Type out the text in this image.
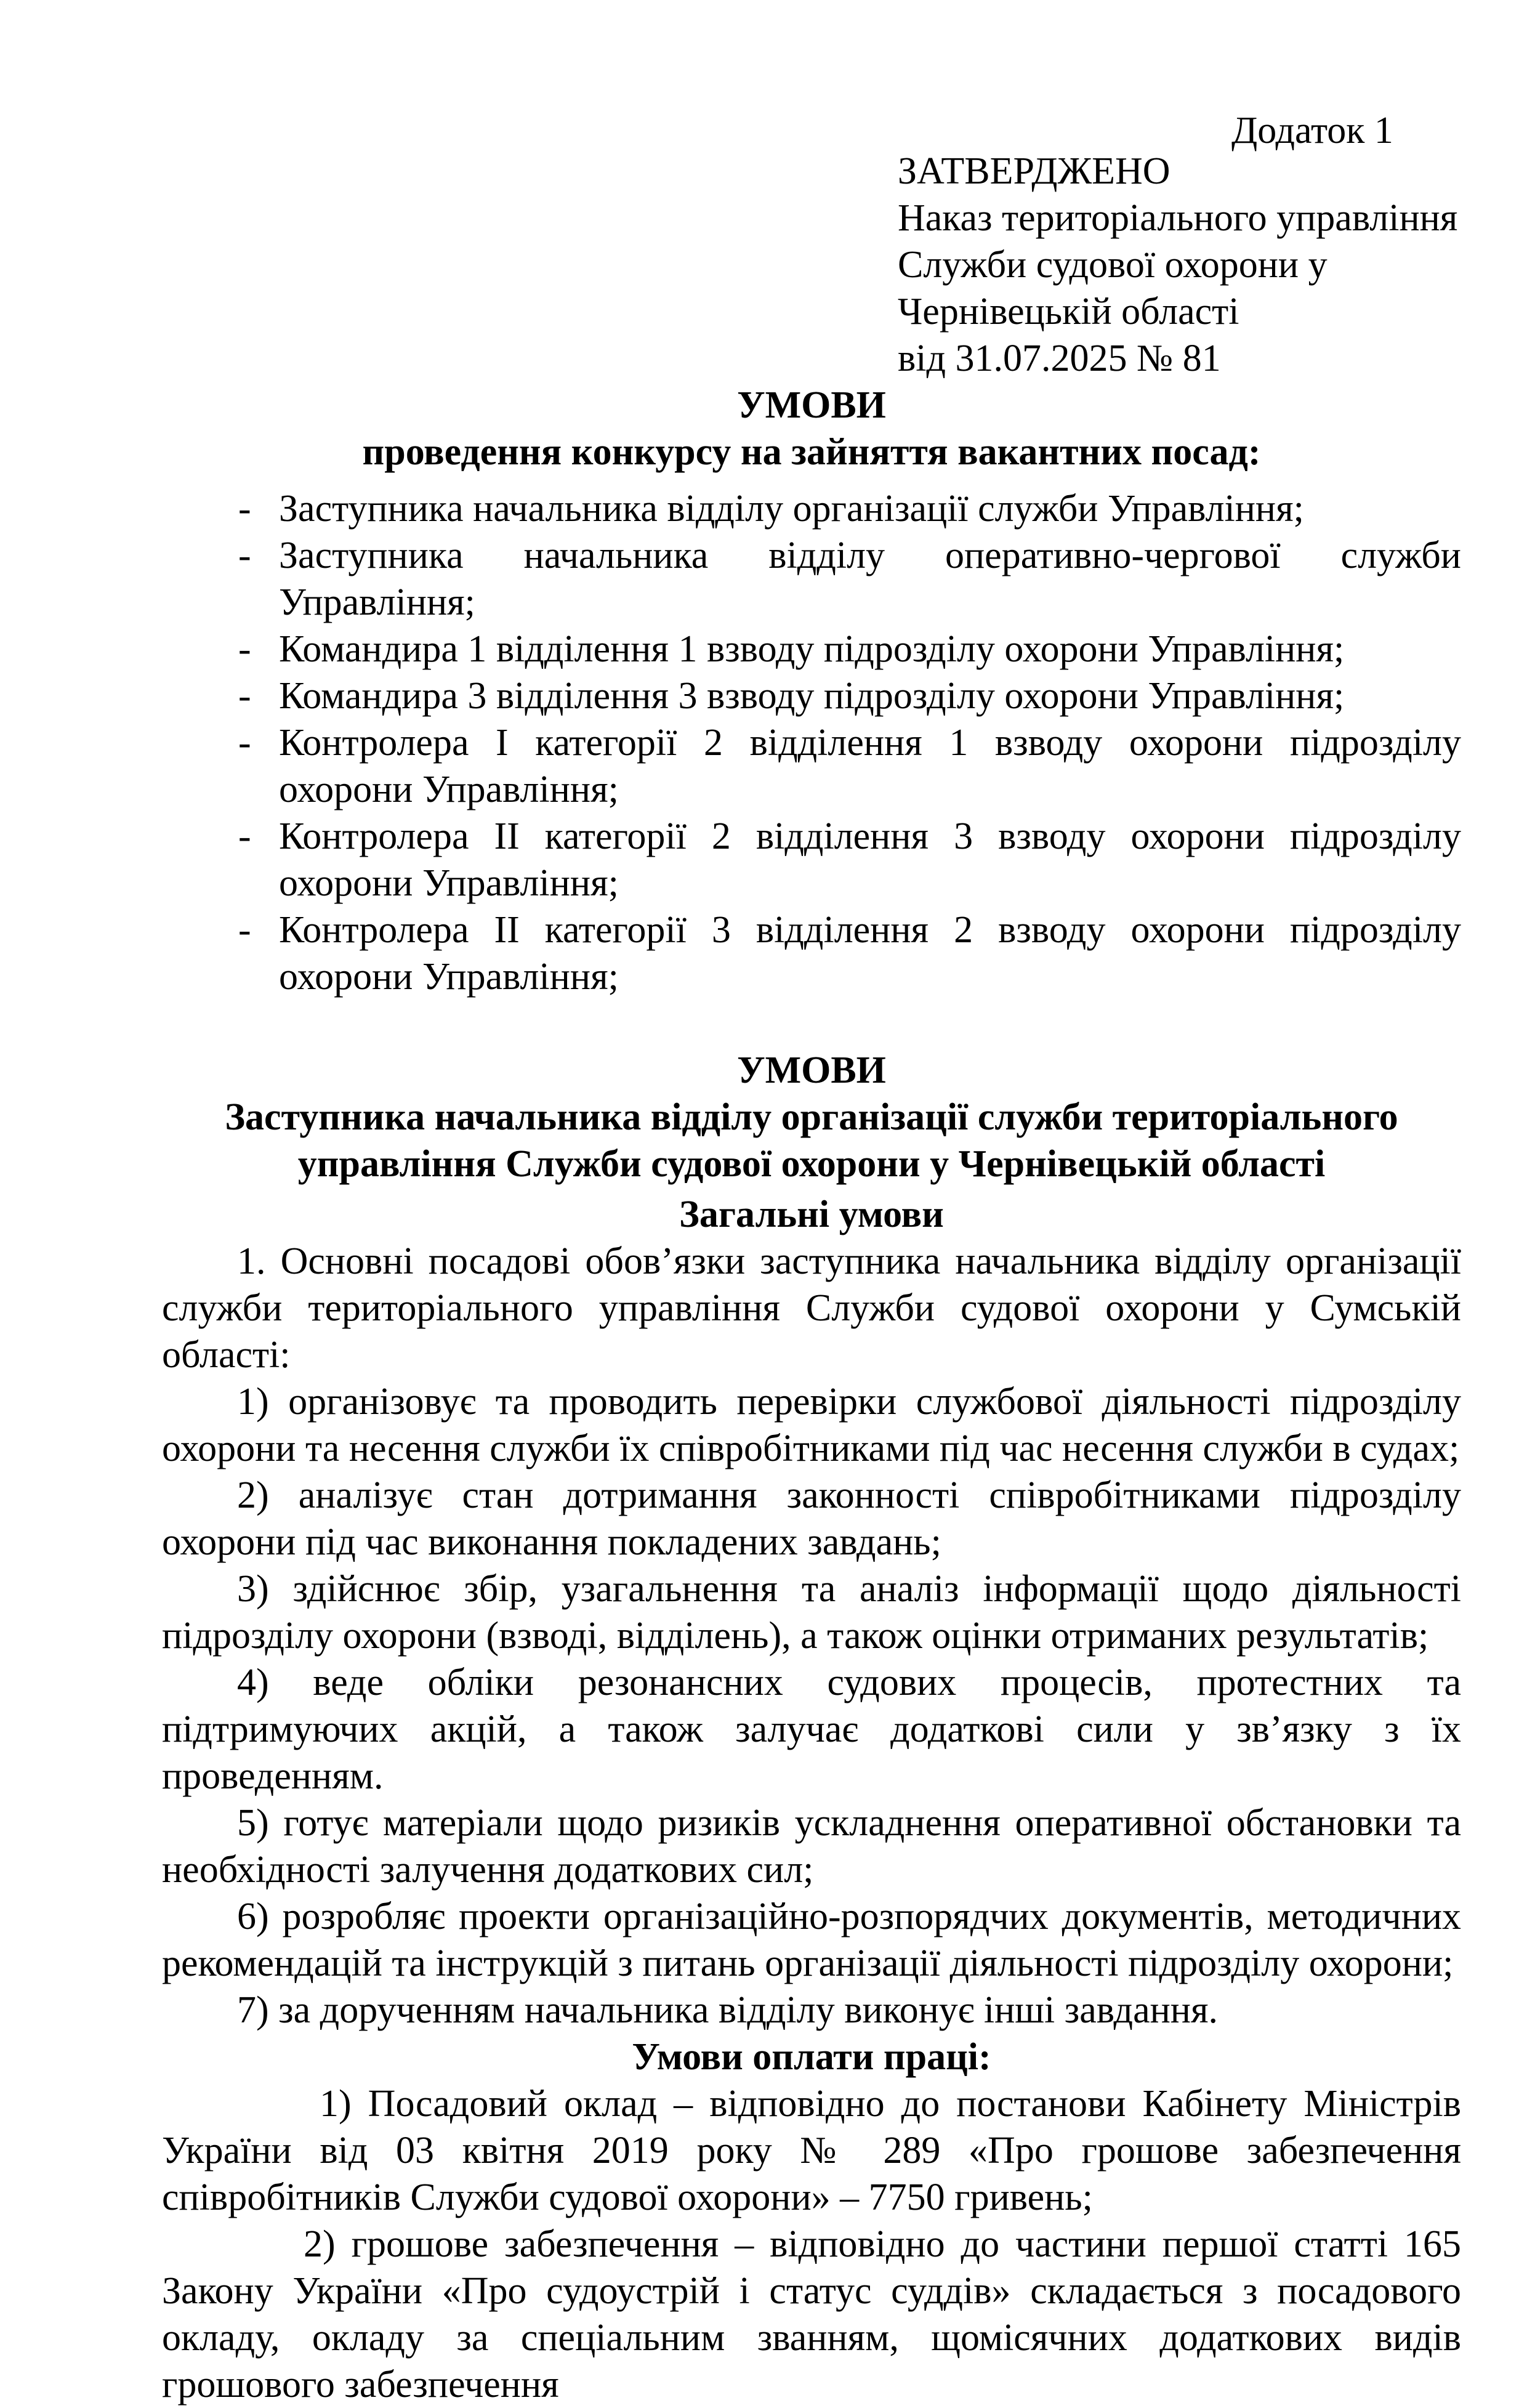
Додаток 1
ЗАТВЕРДЖЕНО
Наказ територіального управління
Служби судової охорони у
Чернівецькій області
від 31.07.2025 № 81

УМОВИ

проведення конкурсу на зайняття вакантних посад:

- Заступника начальника відділу організації служби Управління;
- Заступника начальника відділу оперативно-чергової служби Управління;
- Командира 1 відділення 1 взводу підрозділу охорони Управління;
- Командира 3 відділення 3 взводу підрозділу охорони Управління;
- Контролера І категорії 2 відділення 1 взводу охорони підрозділу охорони Управління;
- Контролера ІІ категорії 2 відділення 3 взводу охорони підрозділу охорони Управління;
- Контролера ІІ категорії 3 відділення 2 взводу охорони підрозділу охорони Управління;

УМОВИ

Заступника начальника відділу організації служби територіального

управління Служби судової охорони у Чернівецькій області

Загальні умови

1. Основні посадові обов’язки заступника начальника відділу організації служби територіального управління Служби судової охорони у Сумській області:

1) організовує та проводить перевірки службової діяльності підрозділу охорони та несення служби їх співробітниками під час несення служби в судах;

2) аналізує стан дотримання законності співробітниками підрозділу охорони під час виконання покладених завдань;

3) здійснює збір, узагальнення та аналіз інформації щодо діяльності підрозділу охорони (взводі, відділень), а також оцінки отриманих результатів;

4) веде обліки резонансних судових процесів, протестних та підтримуючих акцій, а також залучає додаткові сили у зв’язку з їх проведенням.

5) готує матеріали щодо ризиків ускладнення оперативної обстановки та необхідності залучення додаткових сил;

6) розробляє проекти організаційно-розпорядчих документів, методичних рекомендацій та інструкцій з питань організації діяльності підрозділу охорони;

7) за дорученням начальника відділу виконує інші завдання.

Умови оплати праці:

1) Посадовий оклад – відповідно до постанови Кабінету Міністрів України від 03 квітня 2019 року № 289 «Про грошове забезпечення співробітників Служби судової охорони» – 7750 гривень;

2) грошове забезпечення – відповідно до частини першої статті 165 Закону України «Про судоустрій і статус суддів» складається з посадового окладу, окладу за спеціальним званням, щомісячних додаткових видів грошового забезпечення
